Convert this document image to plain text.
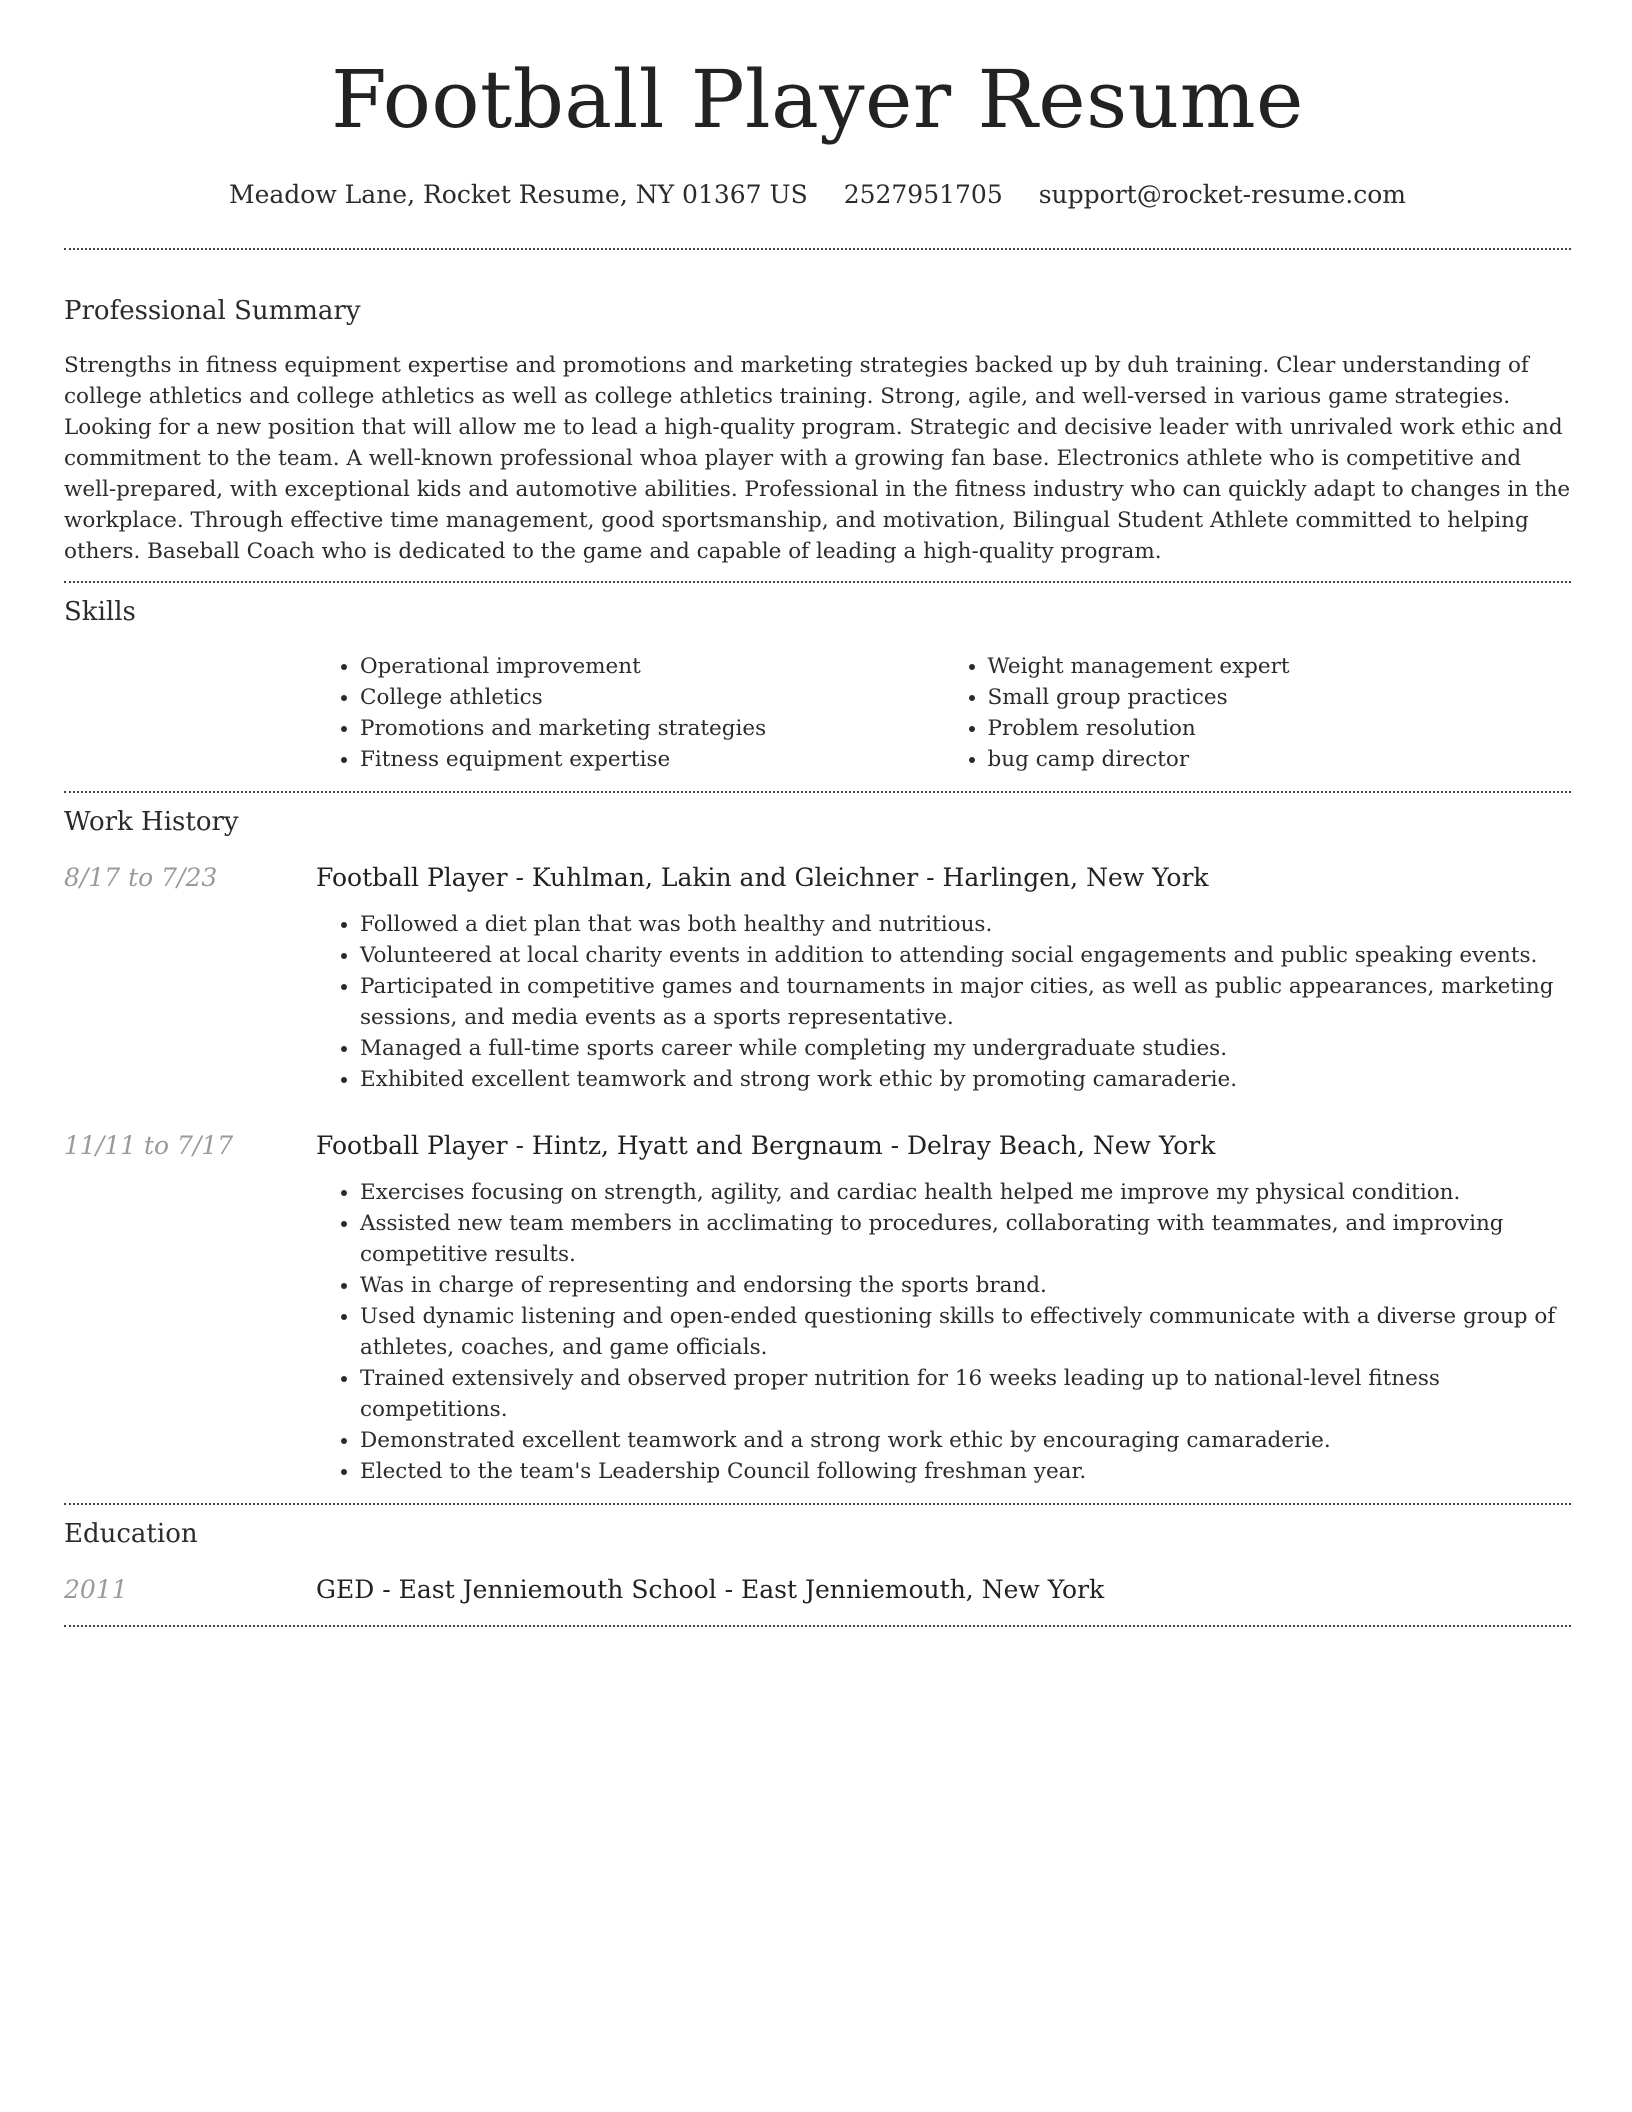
Football Player Resume
Meadow Lane, Rocket Resume, NY 01367 US 2527951705 support@rocket-resume.com
Professional Summary

Strengths in fitness equipment expertise and promotions and marketing strategies backed up by duh training. Clear understanding of college athletics and college athletics as well as college athletics training. Strong, agile, and well-versed in various game strategies. Looking for a new position that will allow me to lead a high-quality program. Strategic and decisive leader with unrivaled work ethic and commitment to the team. A well-known professional whoa player with a growing fan base. Electronics athlete who is competitive and well-prepared, with exceptional kids and automotive abilities. Professional in the fitness industry who can quickly adapt to changes in the workplace. Through effective time management, good sportsmanship, and motivation, Bilingual Student Athlete committed to helping others. Baseball Coach who is dedicated to the game and capable of leading a high-quality program.

Skills
• Operational improvement
• College athletics
• Promotions and marketing strategies
• Fitness equipment expertise
• Weight management expert
• Small group practices
• Problem resolution
• bug camp director
Work History
8/17 to 7/23	Football Player - Kuhlman, Lakin and Gleichner - Harlingen, New York
• Followed a diet plan that was both healthy and nutritious.
• Volunteered at local charity events in addition to attending social engagements and public speaking events.
• Participated in competitive games and tournaments in major cities, as well as public appearances, marketing sessions, and media events as a sports representative.
• Managed a full-time sports career while completing my undergraduate studies.
• Exhibited excellent teamwork and strong work ethic by promoting camaraderie.
11/11 to 7/17	Football Player - Hintz, Hyatt and Bergnaum - Delray Beach, New York
• Exercises focusing on strength, agility, and cardiac health helped me improve my physical condition.
• Assisted new team members in acclimating to procedures, collaborating with teammates, and improving competitive results.
• Was in charge of representing and endorsing the sports brand.
• Used dynamic listening and open-ended questioning skills to effectively communicate with a diverse group of athletes, coaches, and game officials.
• Trained extensively and observed proper nutrition for 16 weeks leading up to national-level fitness competitions.
• Demonstrated excellent teamwork and a strong work ethic by encouraging camaraderie.
• Elected to the team's Leadership Council following freshman year.
Education
2011	GED - East Jenniemouth School - East Jenniemouth, New York
